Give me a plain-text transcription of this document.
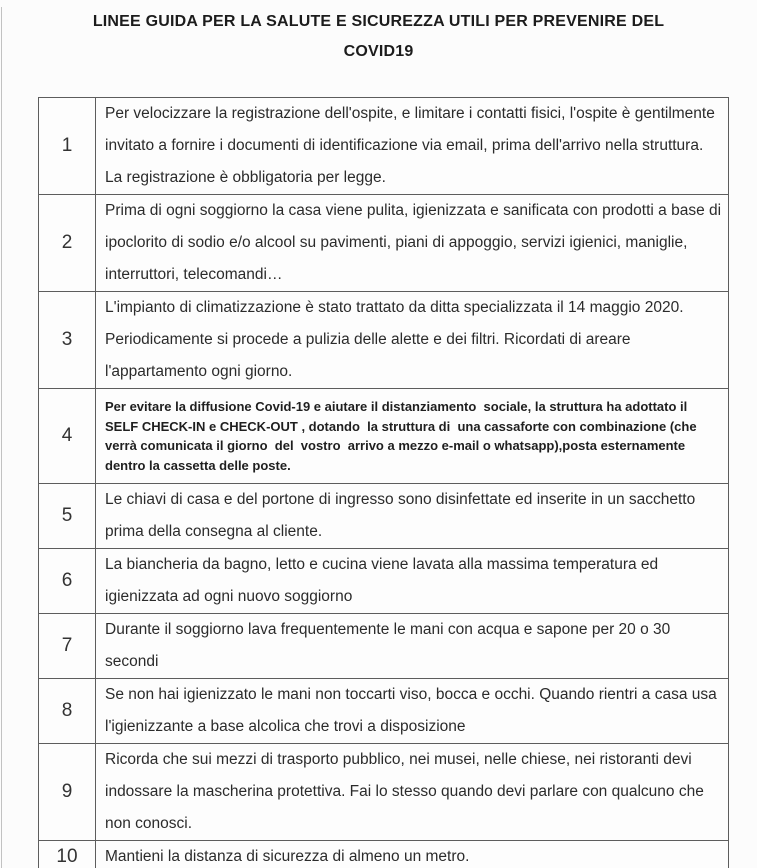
LINEE GUIDA PER LA SALUTE E SICUREZZA UTILI PER PREVENIRE DEL
COVID19
1
Per velocizzare la registrazione dell'ospite, e limitare i contatti fisici, l'ospite è gentilmente invitato a fornire i documenti di identificazione via email, prima dell'arrivo nella struttura. La registrazione è obbligatoria per legge.
2
Prima di ogni soggiorno la casa viene pulita, igienizzata e sanificata con prodotti a base di ipoclorito di sodio e/o alcool su pavimenti, piani di appoggio, servizi igienici, maniglie, interruttori, telecomandi…
3
L'impianto di climatizzazione è stato trattato da ditta specializzata il 14 maggio 2020. Periodicamente si procede a pulizia delle alette e dei filtri. Ricordati di areare l'appartamento ogni giorno.
4
Per evitare la diffusione Covid-19 e aiutare il distanziamento  sociale, la struttura ha adottato il SELF CHECK-IN e CHECK-OUT , dotando  la struttura di  una cassaforte con combinazione (che verrà comunicata il giorno  del  vostro  arrivo a mezzo e-mail o whatsapp),posta esternamente dentro la cassetta delle poste.
5
Le chiavi di casa e del portone di ingresso sono disinfettate ed inserite in un sacchetto prima della consegna al cliente.
6
La biancheria da bagno, letto e cucina viene lavata alla massima temperatura ed igienizzata ad ogni nuovo soggiorno
7
Durante il soggiorno lava frequentemente le mani con acqua e sapone per 20 o 30 secondi
8
Se non hai igienizzato le mani non toccarti viso, bocca e occhi. Quando rientri a casa usa l'igienizzante a base alcolica che trovi a disposizione
9
Ricorda che sui mezzi di trasporto pubblico, nei musei, nelle chiese, nei ristoranti devi indossare la mascherina protettiva. Fai lo stesso quando devi parlare con qualcuno che non conosci.
10	Mantieni la distanza di sicurezza di almeno un metro.
